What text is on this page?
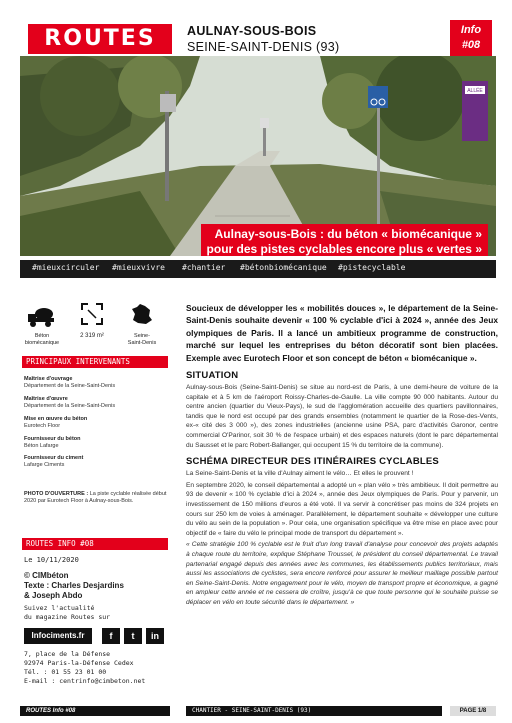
ROUTES	AULNAY-SOUS-BOIS
SEINE-SAINT-DENIS (93)
Info
#08
ALLÉE
Aulnay-sous-Bois : du béton « biomécanique »
pour des pistes cyclables encore plus « vertes »
#mieuxcirculer #mieuxvivre #chantier #bétonbiomécanique #pistecyclable
Béton
biomécanique
2 319 m²	Seine-
Saint-Denis
PRINCIPAUX INTERVENANTS
Maîtrise d'ouvrage
Département de la Seine-Saint-Denis
Maîtrise d'œuvre
Département de la Seine-Saint-Denis
Mise en œuvre du béton
Eurotech Floor
Fournisseur du béton
Béton Lafarge
Fournisseur du ciment
Lafarge Ciments
PHOTO D'OUVERTURE : La piste cyclable réalisée début 2020 par Eurotech Floor à Aulnay-sous-Bois.
ROUTES INFO #08
Le 10/11/2020
© CIMbéton
Texte : Charles Desjardins
& Joseph Abdo
Suivez l'actualité
du magazine Routes sur
Infociments.fr	f	t	in
7, place de la Défense
92974 Paris-la-Défense Cedex
Tél. : 01 55 23 01 00
E-mail : centrinfo@cimbeton.net
Soucieux de développer les « mobilités douces », le département de la Seine-Saint-Denis souhaite devenir « 100 % cyclable d'ici à 2024 », année des Jeux olympiques de Paris. Il a lancé un ambitieux programme de construction, marché sur lequel les entreprises du béton décoratif sont bien placées. Exemple avec Eurotech Floor et son concept de béton « biomécanique ».
SITUATION
Aulnay-sous-Bois (Seine-Saint-Denis) se situe au nord-est de Paris, à une demi-heure de voiture de la capitale et à 5 km de l'aéroport Roissy-Charles-de-Gaulle. La ville compte 90 000 habitants. Autour du centre ancien (quartier du Vieux-Pays), le sud de l'agglomération accueille des quartiers pavillonnaires, tandis que le nord est occupé par des grands ensembles (notamment le quartier de la Rose-des-Vents, ex-« cité des 3 000 »), des zones industrielles (ancienne usine PSA, parc d'activités Garonor, centre commercial O'Parinor, soit 30 % de l'espace urbain) et des espaces naturels (dont le parc départemental du Sausset et le parc Robert-Ballanger, qui occupent 15 % du territoire de la commune).
SCHÉMA DIRECTEUR DES ITINÉRAIRES CYCLABLES
La Seine-Saint-Denis et la ville d'Aulnay aiment le vélo… Et elles le prouvent !
En septembre 2020, le conseil départemental a adopté un « plan vélo » très ambitieux. Il doit permettre au 93 de devenir « 100 % cyclable d'ici à 2024 », année des Jeux olympiques de Paris. Pour y parvenir, un investissement de 150 millions d'euros a été voté. Il va servir à concrétiser pas moins de 324 projets en cours sur 250 km de voies à aménager. Parallèlement, le département souhaite « développer une culture du vélo au sein de la population ». Pour cela, une organisation spécifique va être mise en place avec pour objectif de « faire du vélo le principal mode de transport du département ».
« Cette stratégie 100 % cyclable est le fruit d'un long travail d'analyse pour concevoir des projets adaptés à chaque route du territoire, explique Stéphane Troussel, le président du conseil départemental. Le travail partenarial engagé depuis des années avec les communes, les établissements publics territoriaux, mais aussi les associations de cyclistes, sera encore renforcé pour assurer le meilleur maillage possible partout en Seine-Saint-Denis. Notre engagement pour le vélo, moyen de transport propre et économique, a gagné en ampleur cette année et ne cessera de croître, jusqu'à ce que toute personne qui le souhaite puisse se déplacer en vélo en toute sécurité dans le département. »
ROUTES Info #08	CHANTIER - SEINE-SAINT-DENIS (93)	PAGE 1/8
